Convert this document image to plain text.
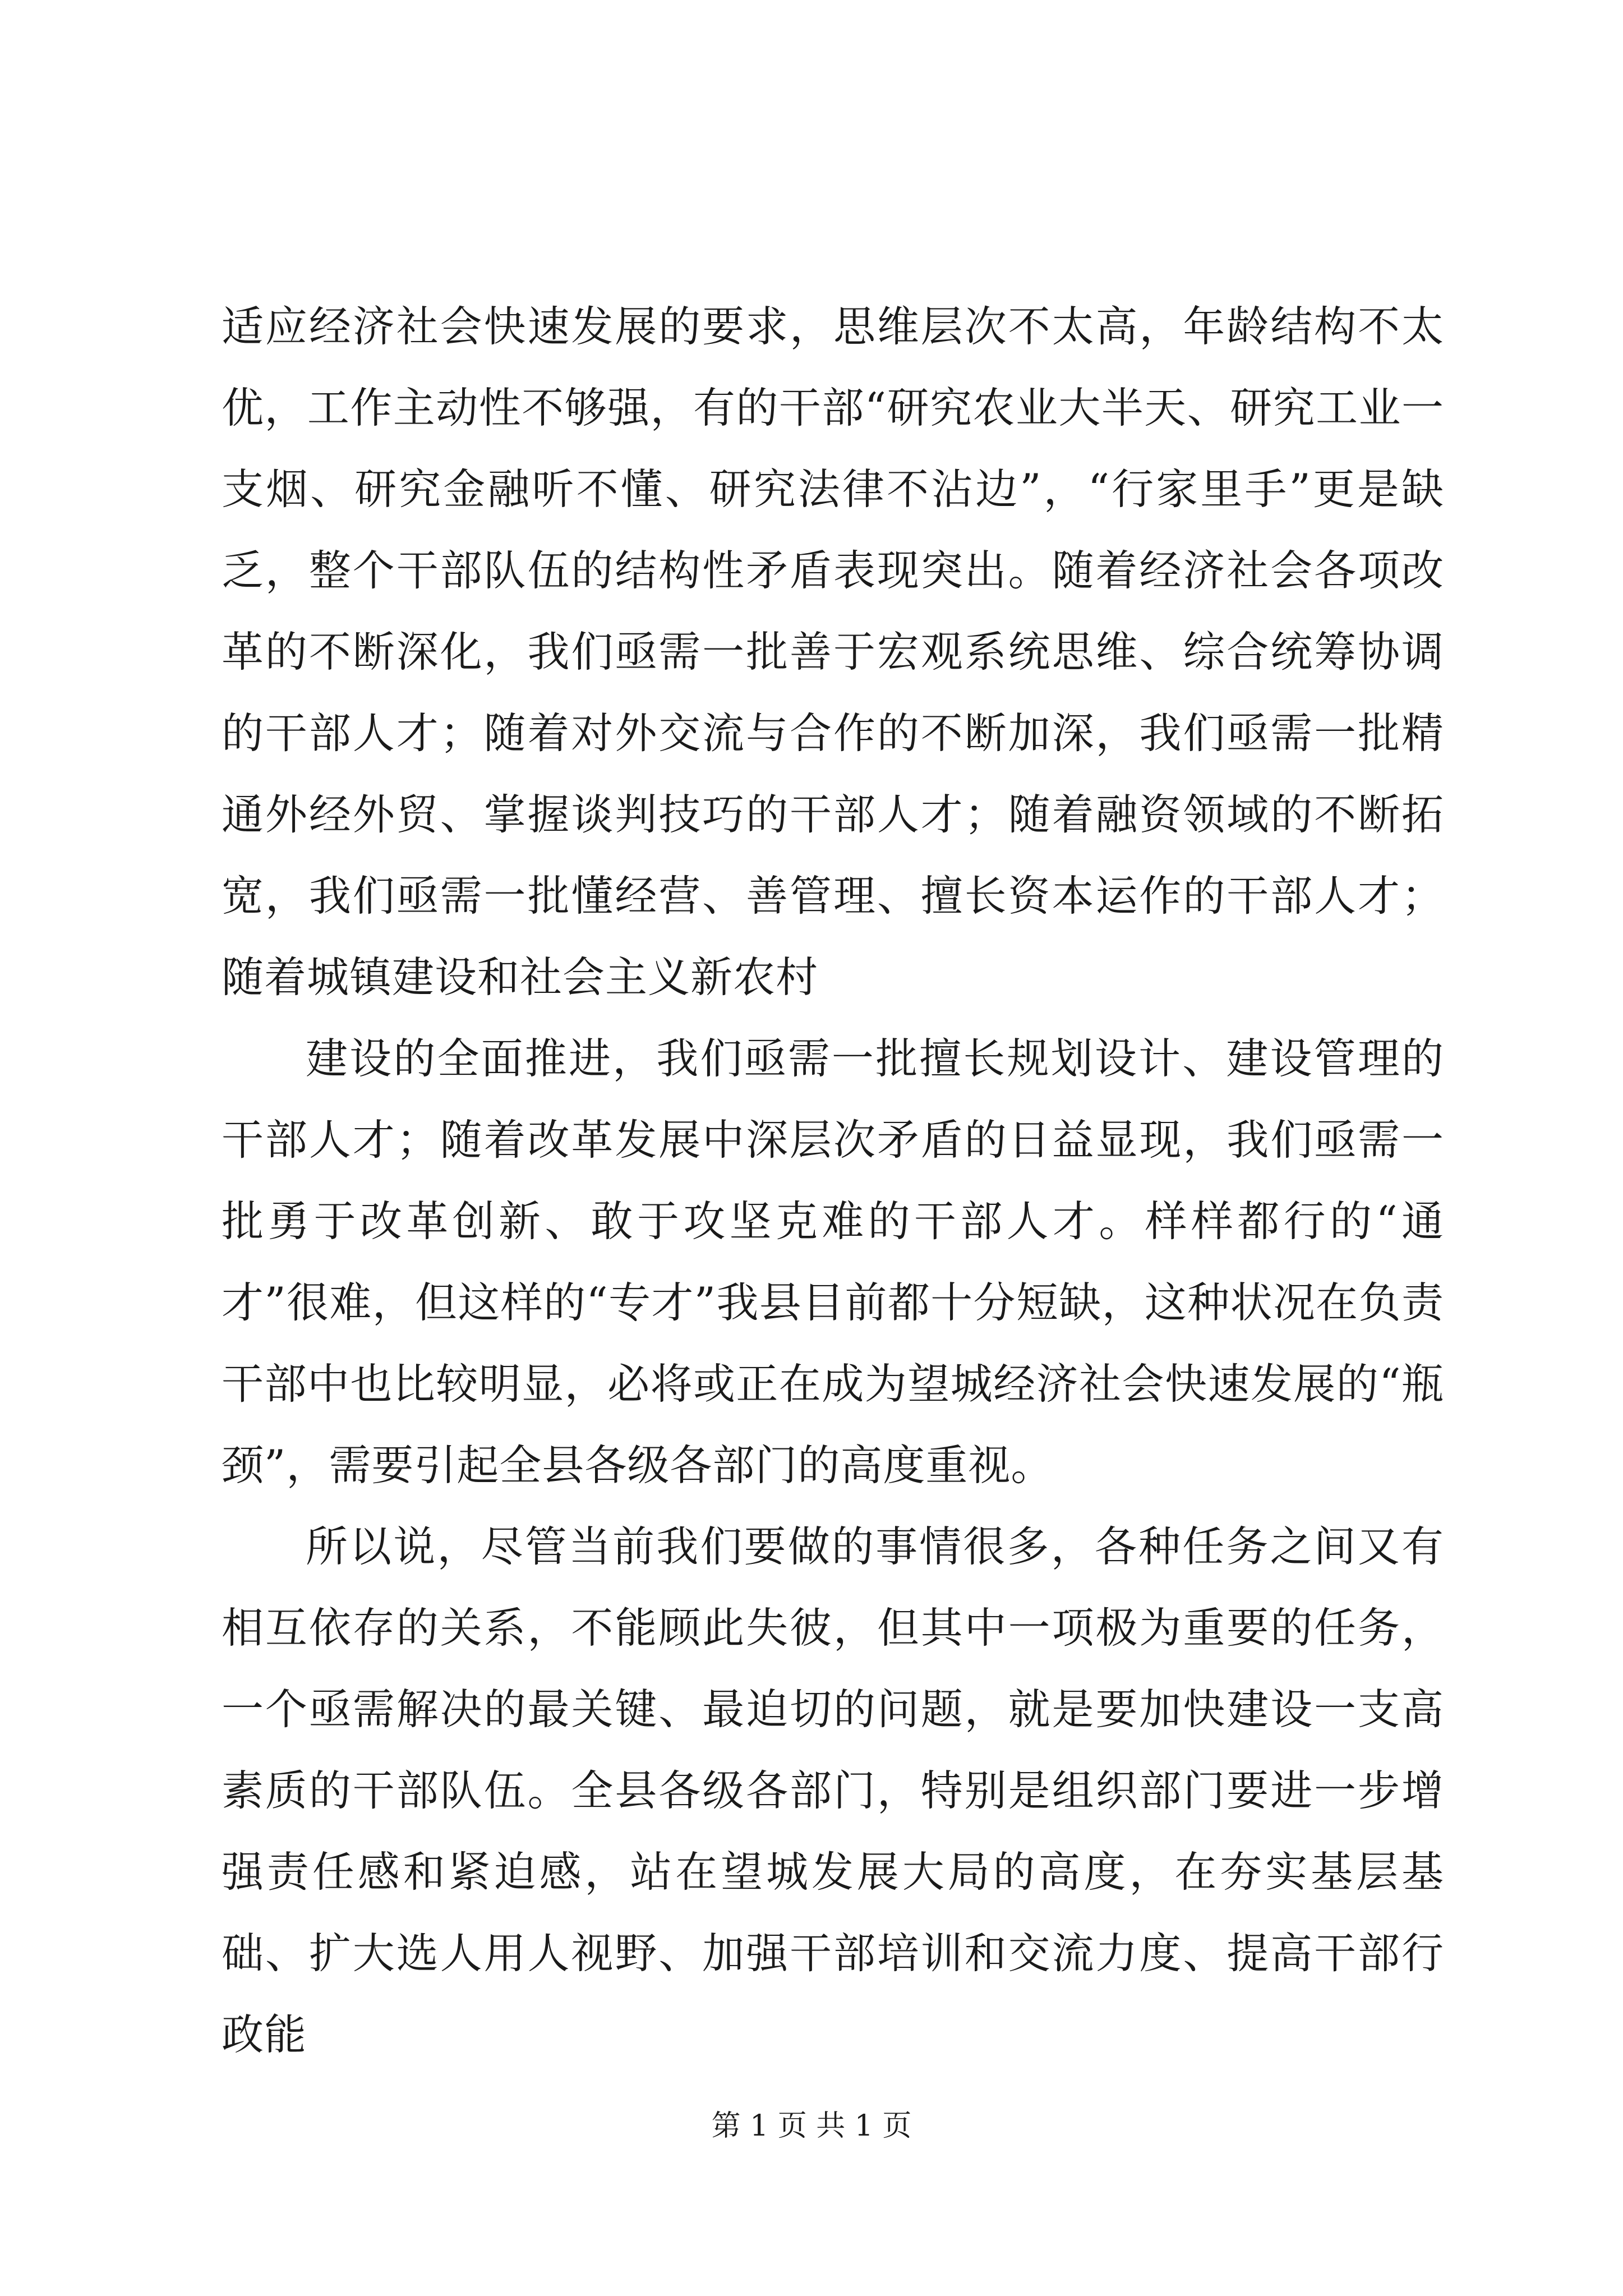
适应经济社会快速发展的要求，思维层次不太高，年龄结构不太优，工作主动性不够强，有的干部“研究农业大半天、研究工业一支烟、研究金融听不懂、研究法律不沾边”，“行家里手”更是缺乏，整个干部队伍的结构性矛盾表现突出。随着经济社会各项改革的不断深化，我们亟需一批善于宏观系统思维、综合统筹协调的干部人才；随着对外交流与合作的不断加深，我们亟需一批精通外经外贸、掌握谈判技巧的干部人才；随着融资领域的不断拓宽，我们亟需一批懂经营、善管理、擅长资本运作的干部人才；随着城镇建设和社会主义新农村

建设的全面推进，我们亟需一批擅长规划设计、建设管理的干部人才；随着改革发展中深层次矛盾的日益显现，我们亟需一批勇于改革创新、敢于攻坚克难的干部人才。样样都行的“通才”很难，但这样的“专才”我县目前都十分短缺，这种状况在负责干部中也比较明显，必将或正在成为望城经济社会快速发展的“瓶颈”，需要引起全县各级各部门的高度重视。

所以说，尽管当前我们要做的事情很多，各种任务之间又有相互依存的关系，不能顾此失彼，但其中一项极为重要的任务，一个亟需解决的最关键、最迫切的问题，就是要加快建设一支高素质的干部队伍。全县各级各部门，特别是组织部门要进一步增强责任感和紧迫感，站在望城发展大局的高度，在夯实基层基础、扩大选人用人视野、加强干部培训和交流力度、提高干部行政能

第 1 页 共 1 页
